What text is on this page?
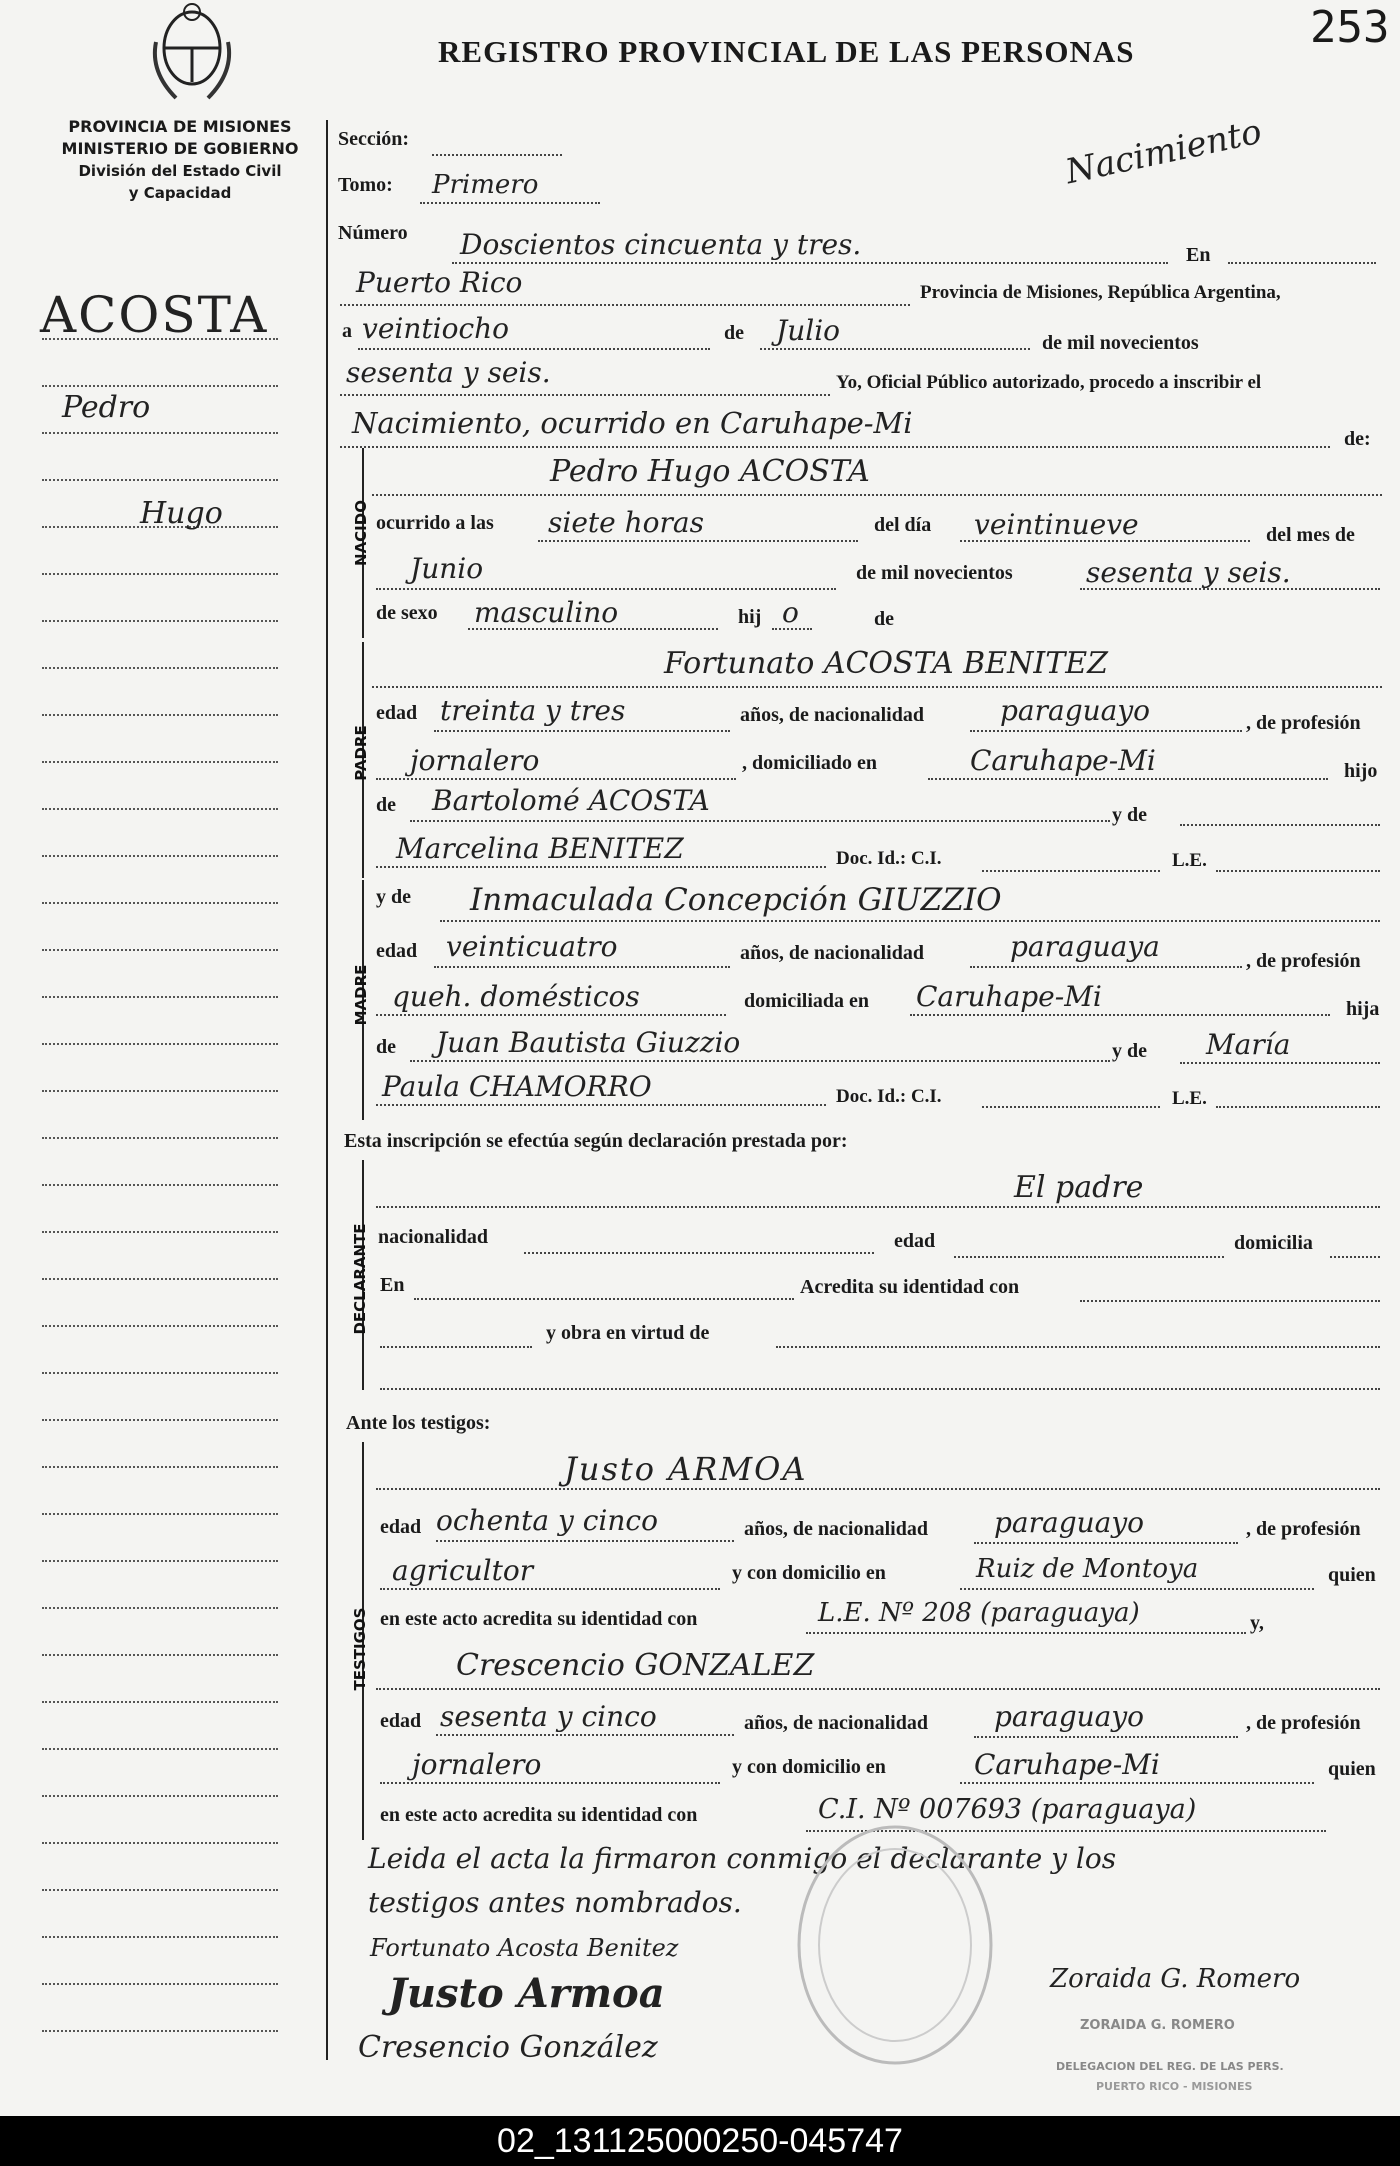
PROVINCIA DE MISIONES
MINISTERIO DE GOBIERNO
División del Estado Civil
y Capacidad
REGISTRO PROVINCIAL DE LAS PERSONAS	253
Nacimiento
ACOSTA
Pedro
Hugo
Sección:
Tomo: Primero
Número Doscientos cincuenta y tres.	En
Puerto Rico	Provincia de Misiones, República Argentina,
a veintiocho	de Julio	de mil novecientos
sesenta y seis.	Yo, Oficial Público autorizado, procedo a inscribir el
Nacimiento, ocurrido en Caruhape-Mi	de:
NACIDO
Pedro Hugo ACOSTA
ocurrido a las siete horas	del día veintinueve	del mes de
Junio	de mil novecientos	sesenta y seis.
de sexo masculino	hij o	de
PADRE
Fortunato ACOSTA BENITEZ
edad treinta y tres	años, de nacionalidad	paraguayo	, de profesión
jornalero	, domiciliado en	Caruhape-Mi	hijo
de Bartolomé ACOSTA	y de
Marcelina BENITEZ	Doc. Id.: C.I.	L.E.
MADRE
y de Inmaculada Concepción GIUZZIO
edad veinticuatro	años, de nacionalidad	paraguaya	, de profesión
queh. domésticos	domiciliada en Caruhape-Mi	hija
de Juan Bautista Giuzzio	y de María
Paula CHAMORRO	Doc. Id.: C.I.	L.E.
Esta inscripción se efectúa según declaración prestada por:
DECLARANTE
El padre
nacionalidad	edad	domicilia
En	Acredita su identidad con
y obra en virtud de
Ante los testigos:
TESTIGOS
Justo ARMOA
edad ochenta y cinco	años, de nacionalidad paraguayo	, de profesión
agricultor	y con domicilio en	Ruiz de Montoya	quien
en este acto acredita su identidad con	L.E. Nº 208 (paraguaya)	y,
Crescencio GONZALEZ
edad sesenta y cinco	años, de nacionalidad paraguayo	, de profesión
jornalero	y con domicilio en	Caruhape-Mi	quien
en este acto acredita su identidad con	C.I. Nº 007693 (paraguaya)
Leida el acta la firmaron conmigo el declarante y los
testigos antes nombrados.
ZORAIDA G. ROMERO
DELEGACION DEL REG. DE LAS PERS.
PUERTO RICO - MISIONES
Fortunato Acosta Benitez
Justo Armoa	Zoraida G. Romero
Cresencio González
02_131125000250-045747
